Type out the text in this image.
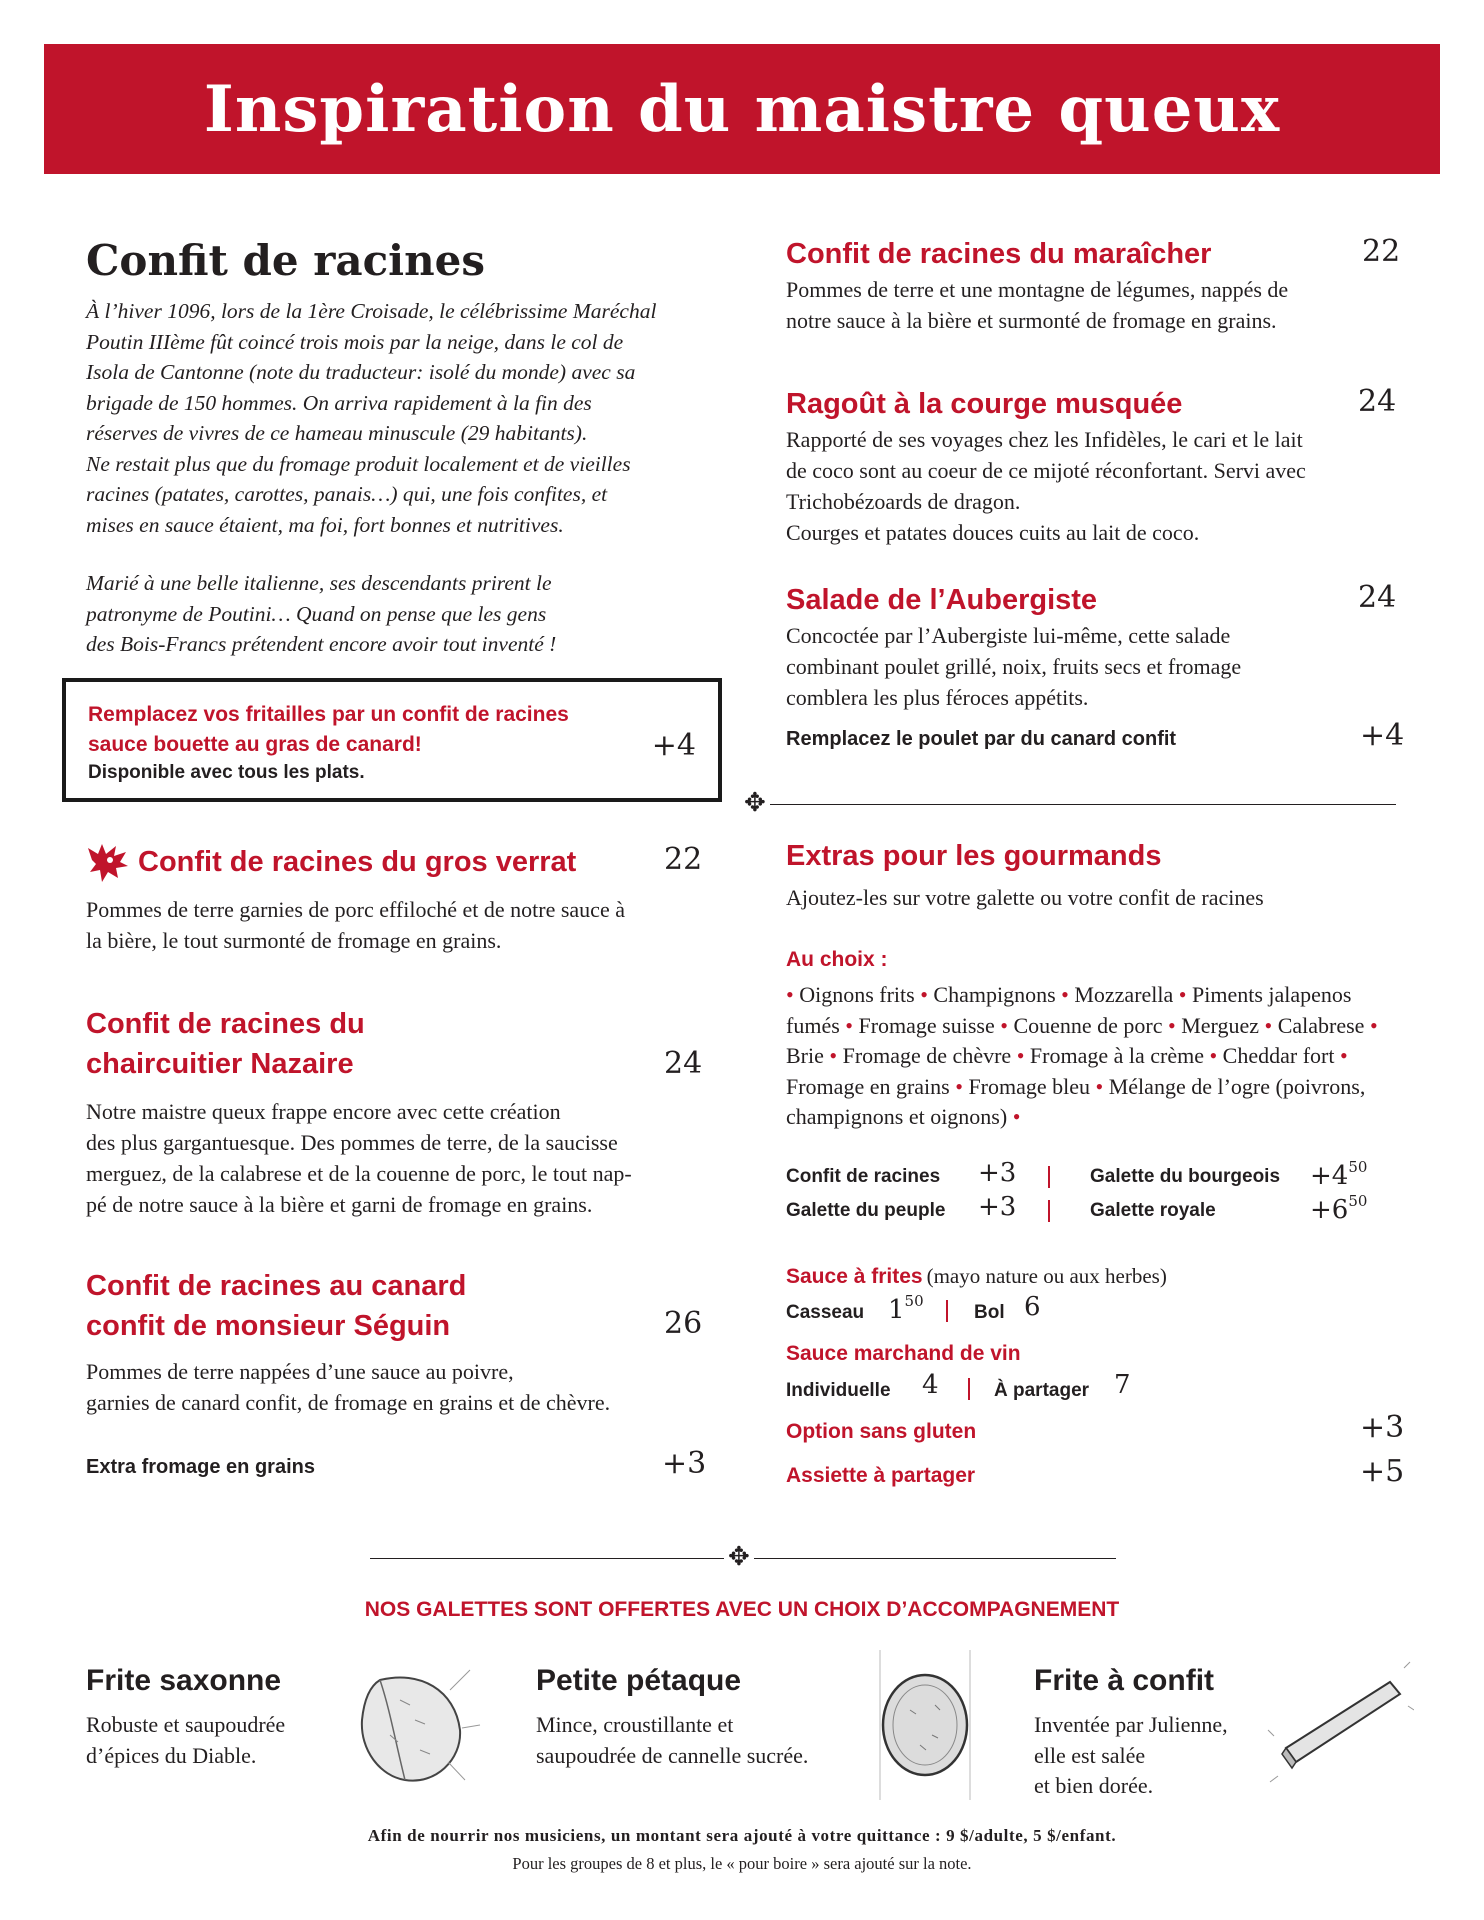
Inspiration du maistre queux
Confit de racines
À l’hiver 1096, lors de la 1ère Croisade, le célébrissime Maréchal
Poutin IIIème fût coincé trois mois par la neige, dans le col de
Isola de Cantonne (note du traducteur: isolé du monde) avec sa
brigade de 150 hommes. On arriva rapidement à la fin des
réserves de vivres de ce hameau minuscule (29 habitants).
Ne restait plus que du fromage produit localement et de vieilles
racines (patates, carottes, panais…) qui, une fois confites, et
mises en sauce étaient, ma foi, fort bonnes et nutritives.
Marié à une belle italienne, ses descendants prirent le
patronyme de Poutini… Quand on pense que les gens
des Bois-Francs prétendent encore avoir tout inventé !
Remplacez vos fritailles par un confit de racines
sauce bouette au gras de canard!
Disponible avec tous les plats.
+4
Confit de racines du gros verrat	22
Pommes de terre garnies de porc effiloché et de notre sauce à
la bière, le tout surmonté de fromage en grains.
Confit de racines du
chaircuitier Nazaire	24
Notre maistre queux frappe encore avec cette création
des plus gargantuesque. Des pommes de terre, de la saucisse
merguez, de la calabrese et de la couenne de porc, le tout nap-
pé de notre sauce à la bière et garni de fromage en grains.
Confit de racines au canard
confit de monsieur Séguin	26
Pommes de terre nappées d’une sauce au poivre,
garnies de canard confit, de fromage en grains et de chèvre.
Extra fromage en grains	+3
Confit de racines du maraîcher	22
Pommes de terre et une montagne de légumes, nappés de
notre sauce à la bière et surmonté de fromage en grains.
Ragoût à la courge musquée	24
Rapporté de ses voyages chez les Infidèles, le cari et le lait
de coco sont au coeur de ce mijoté réconfortant. Servi avec
Trichobézoards de dragon.
Courges et patates douces cuits au lait de coco.
Salade de l’Aubergiste	24
Concoctée par l’Aubergiste lui-même, cette salade
combinant poulet grillé, noix, fruits secs et fromage
comblera les plus féroces appétits.
Remplacez le poulet par du canard confit	+4
✥
Extras pour les gourmands
Ajoutez-les sur votre galette ou votre confit de racines
Au choix :
• Oignons frits • Champignons • Mozzarella • Piments jalapenos fumés • Fromage suisse • Couenne de porc • Merguez • Calabrese • Brie • Fromage de chèvre • Fromage à la crème • Cheddar fort • Fromage en grains • Fromage bleu • Mélange de l’ogre (poivrons, champignons et oignons) •
Confit de racines +3	Galette du bourgeois $+4^{50}$
Galette du peuple +3	Galette royale	$+6^{50}$
Sauce à frites (mayo nature ou aux herbes)
Casseau $1^{50}$
Bol 6
Sauce marchand de vin
Individuelle 4	À partager 7
Option sans gluten	+3
Assiette à partager	+5
✥
NOS GALETTES SONT OFFERTES AVEC UN CHOIX D’ACCOMPAGNEMENT
Frite saxonne
Robuste et saupoudrée
d’épices du Diable.
Petite pétaque
Mince, croustillante et
saupoudrée de cannelle sucrée.
Frite à confit
Inventée par Julienne,
elle est salée
et bien dorée.
Afin de nourrir nos musiciens, un montant sera ajouté à votre quittance : 9 $/adulte, 5 $/enfant.
Pour les groupes de 8 et plus, le « pour boire » sera ajouté sur la note.
